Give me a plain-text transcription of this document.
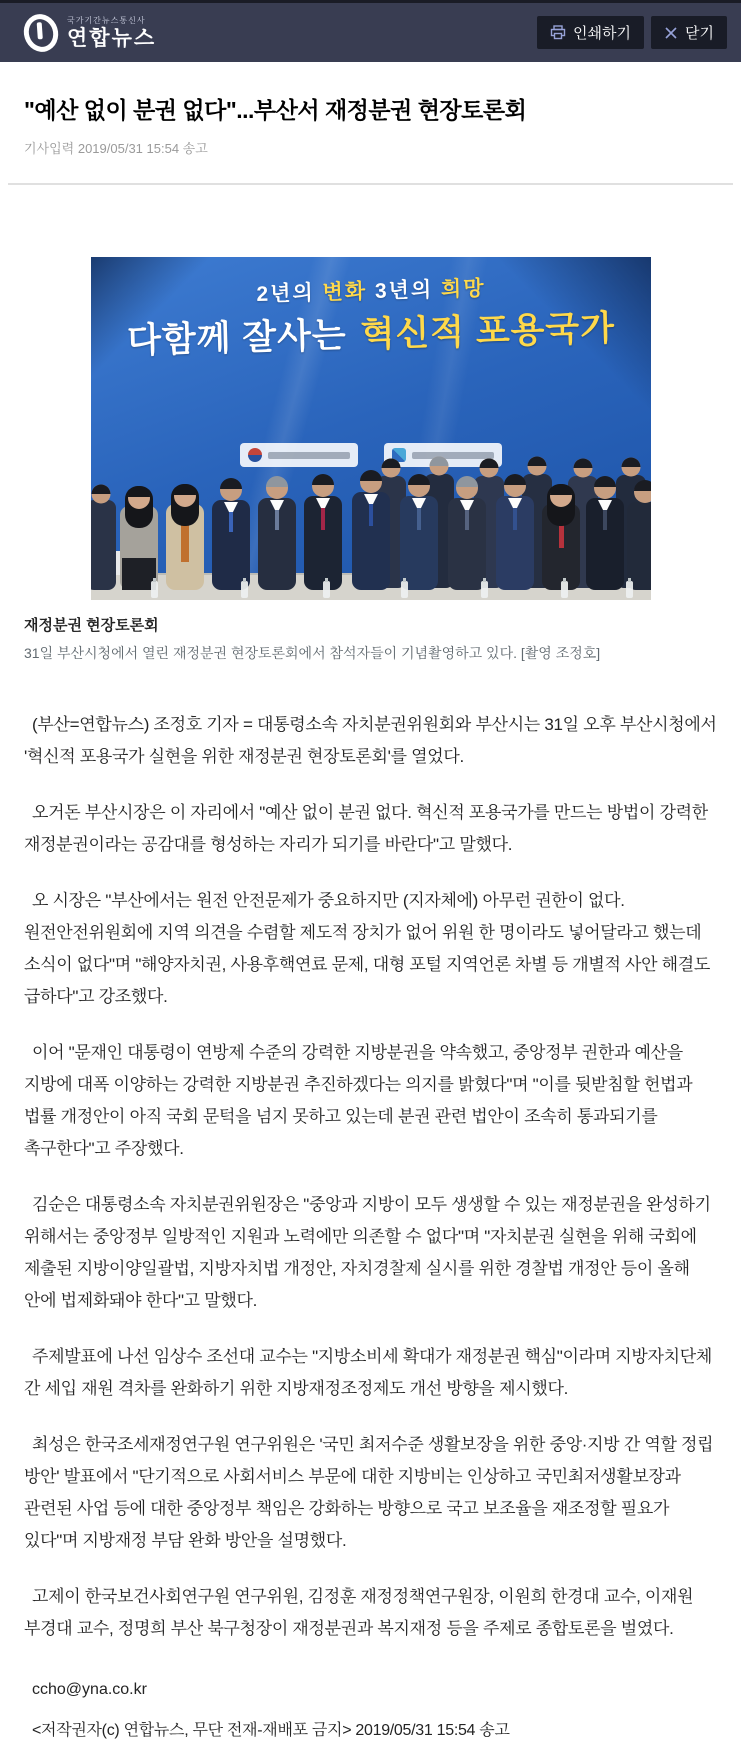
국가기간뉴스통신사
연합뉴스	인쇄하기	닫기
"예산 없이 분권 없다"...부산서 재정분권 현장토론회
기사입력 2019/05/31 15:54 송고
2년의 변화 3년의 희망
다함께 잘사는 혁신적 포용국가
재정분권 현장토론회
31일 부산시청에서 열린 재정분권 현장토론회에서 참석자들이 기념촬영하고 있다. [촬영 조정호]

(부산=연합뉴스) 조정호 기자 = 대통령소속 자치분권위원회와 부산시는 31일 오후 부산시청에서 '혁신적 포용국가 실현을 위한 재정분권 현장토론회'를 열었다.

오거돈 부산시장은 이 자리에서 "예산 없이 분권 없다. 혁신적 포용국가를 만드는 방법이 강력한 재정분권이라는 공감대를 형성하는 자리가 되기를 바란다"고 말했다.

오 시장은 "부산에서는 원전 안전문제가 중요하지만 (지자체에) 아무런 권한이 없다. 원전안전위원회에 지역 의견을 수렴할 제도적 장치가 없어 위원 한 명이라도 넣어달라고 했는데 소식이 없다"며 "해양자치권, 사용후핵연료 문제, 대형 포털 지역언론 차별 등 개별적 사안 해결도 급하다"고 강조했다.

이어 "문재인 대통령이 연방제 수준의 강력한 지방분권을 약속했고, 중앙정부 권한과 예산을 지방에 대폭 이양하는 강력한 지방분권 추진하겠다는 의지를 밝혔다"며 "이를 뒷받침할 헌법과 법률 개정안이 아직 국회 문턱을 넘지 못하고 있는데 분권 관련 법안이 조속히 통과되기를 촉구한다"고 주장했다.

김순은 대통령소속 자치분권위원장은 "중앙과 지방이 모두 생생할 수 있는 재정분권을 완성하기 위해서는 중앙정부 일방적인 지원과 노력에만 의존할 수 없다"며 "자치분권 실현을 위해 국회에 제출된 지방이양일괄법, 지방자치법 개정안, 자치경찰제 실시를 위한 경찰법 개정안 등이 올해 안에 법제화돼야 한다"고 말했다.

주제발표에 나선 임상수 조선대 교수는 "지방소비세 확대가 재정분권 핵심"이라며 지방자치단체 간 세입 재원 격차를 완화하기 위한 지방재정조정제도 개선 방향을 제시했다.

최성은 한국조세재정연구원 연구위원은 '국민 최저수준 생활보장을 위한 중앙·지방 간 역할 정립 방안' 발표에서 "단기적으로 사회서비스 부문에 대한 지방비는 인상하고 국민최저생활보장과 관련된 사업 등에 대한 중앙정부 책임은 강화하는 방향으로 국고 보조율을 재조정할 필요가 있다"며 지방재정 부담 완화 방안을 설명했다.

고제이 한국보건사회연구원 연구위원, 김정훈 재정정책연구원장, 이원희 한경대 교수, 이재원 부경대 교수, 정명희 부산 북구청장이 재정분권과 복지재정 등을 주제로 종합토론을 벌였다.

ccho@yna.co.kr

<저작권자(c) 연합뉴스, 무단 전재-재배포 금지> 2019/05/31 15:54 송고
